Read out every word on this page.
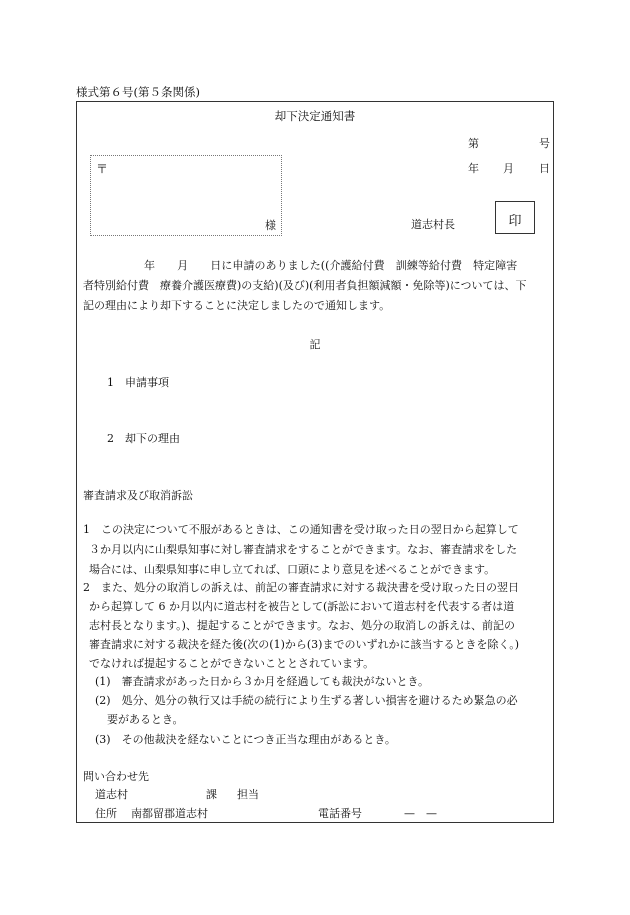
様式第６号(第５条関係)
却下決定通知書
第	号
年 月 日
〒
様	道志村長	印
年　　月　　日に申請のありました((介護給付費　訓練等給付費　特定障害
者特別給付費　療養介護医療費)の支給)(及び)(利用者負担額減額・免除等)については、下
記の理由により却下することに決定しましたので通知します。
記
1　申請事項
2　却下の理由
審査請求及び取消訴訟
1　この決定について不服があるときは、この通知書を受け取った日の翌日から起算して
３か月以内に山梨県知事に対し審査請求をすることができます。なお、審査請求をした
場合には、山梨県知事に申し立てれば、口頭により意見を述べることができます。
2　また、処分の取消しの訴えは、前記の審査請求に対する裁決書を受け取った日の翌日
から起算して 6 か月以内に道志村を被告として(訴訟において道志村を代表する者は道
志村長となります。)、提起することができます。なお、処分の取消しの訴えは、前記の
審査請求に対する裁決を経た後(次の(1)から(3)までのいずれかに該当するときを除く。)
でなければ提起することができないこととされています。
(1)　審査請求があった日から３か月を経過しても裁決がないとき。
(2)　処分、処分の執行又は手続の続行により生ずる著しい損害を避けるため緊急の必
要があるとき。
(3)　その他裁決を経ないことにつき正当な理由があるとき。
問い合わせ先
道志村	課 担当
住所 南都留郡道志村	電話番号	—　—
